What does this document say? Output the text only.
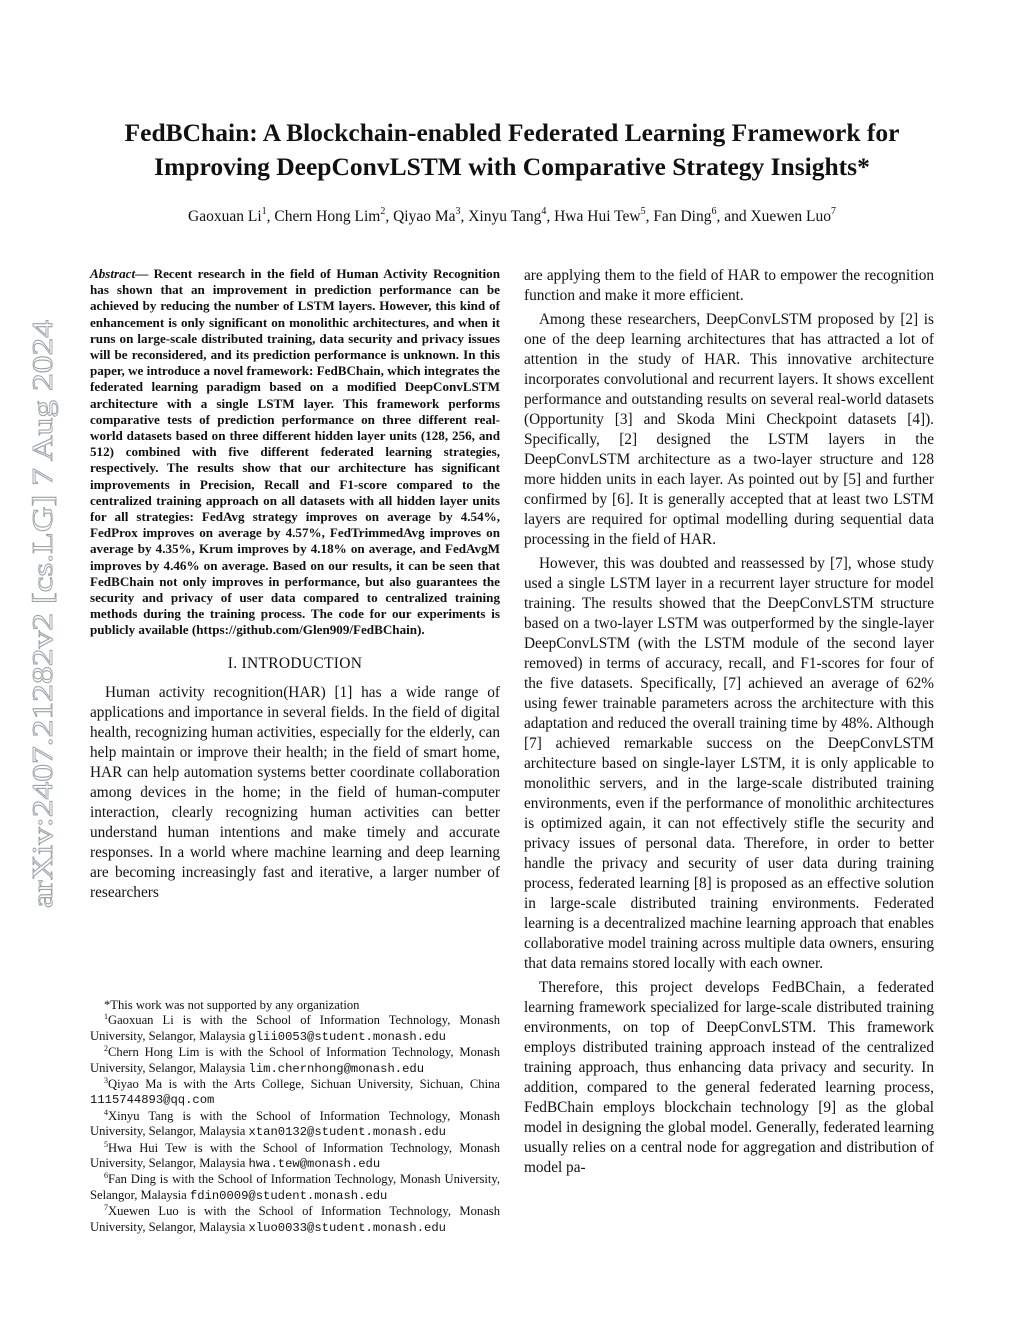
arXiv:2407.21282v2 [cs.LG] 7 Aug 2024
FedBChain: A Blockchain-enabled Federated Learning Framework for
Improving DeepConvLSTM with Comparative Strategy Insights*
Gaoxuan Li$^1$, Chern Hong Lim$^2$, Qiyao Ma$^3$, Xinyu Tang$^4$, Hwa Hui Tew$^5$, Fan Ding$^6$, and Xuewen Luo$^7$
Abstract— Recent research in the field of Human Activity Recognition has shown that an improvement in prediction performance can be achieved by reducing the number of LSTM layers. However, this kind of enhancement is only significant on monolithic architectures, and when it runs on large-scale distributed training, data security and privacy issues will be reconsidered, and its prediction performance is unknown. In this paper, we introduce a novel framework: FedBChain, which integrates the federated learning paradigm based on a modified DeepConvLSTM architecture with a single LSTM layer. This framework performs comparative tests of prediction performance on three different real-world datasets based on three different hidden layer units (128, 256, and 512) combined with five different federated learning strategies, respectively. The results show that our architecture has significant improvements in Precision, Recall and F1-score compared to the centralized training approach on all datasets with all hidden layer units for all strategies: FedAvg strategy improves on average by 4.54%, FedProx improves on average by 4.57%, FedTrimmedAvg improves on average by 4.35%, Krum improves by 4.18% on average, and FedAvgM improves by 4.46% on average. Based on our results, it can be seen that FedBChain not only improves in performance, but also guarantees the security and privacy of user data compared to centralized training methods during the training process. The code for our experiments is publicly available (https://github.com/Glen909/FedBChain).
I. INTRODUCTION

Human activity recognition(HAR) [1] has a wide range of applications and importance in several fields. In the field of digital health, recognizing human activities, especially for the elderly, can help maintain or improve their health; in the field of smart home, HAR can help automation systems better coordinate collaboration among devices in the home; in the field of human-computer interaction, clearly recognizing human activities can better understand human intentions and make timely and accurate responses. In a world where machine learning and deep learning are becoming increasingly fast and iterative, a larger number of researchers

*This work was not supported by any organization

$^1$Gaoxuan Li is with the School of Information Technology, Monash University, Selangor, Malaysia glii0053@student.monash.edu

$^2$Chern Hong Lim is with the School of Information Technology, Monash University, Selangor, Malaysia lim.chernhong@monash.edu

$^3$Qiyao Ma is with the Arts College, Sichuan University, Sichuan, China 1115744893@qq.com

$^4$Xinyu Tang is with the School of Information Technology, Monash University, Selangor, Malaysia xtan0132@student.monash.edu

$^5$Hwa Hui Tew is with the School of Information Technology, Monash University, Selangor, Malaysia hwa.tew@monash.edu

$^6$Fan Ding is with the School of Information Technology, Monash University, Selangor, Malaysia fdin0009@student.monash.edu

$^7$Xuewen Luo is with the School of Information Technology, Monash University, Selangor, Malaysia xluo0033@student.monash.edu

are applying them to the field of HAR to empower the recognition function and make it more efficient.

Among these researchers, DeepConvLSTM proposed by [2] is one of the deep learning architectures that has attracted a lot of attention in the study of HAR. This innovative architecture incorporates convolutional and recurrent layers. It shows excellent performance and outstanding results on several real-world datasets (Opportunity [3] and Skoda Mini Checkpoint datasets [4]). Specifically, [2] designed the LSTM layers in the DeepConvLSTM architecture as a two-layer structure and 128 more hidden units in each layer. As pointed out by [5] and further confirmed by [6]. It is generally accepted that at least two LSTM layers are required for optimal modelling during sequential data processing in the field of HAR.

However, this was doubted and reassessed by [7], whose study used a single LSTM layer in a recurrent layer structure for model training. The results showed that the DeepConvLSTM structure based on a two-layer LSTM was outperformed by the single-layer DeepConvLSTM (with the LSTM module of the second layer removed) in terms of accuracy, recall, and F1-scores for four of the five datasets. Specifically, [7] achieved an average of 62% using fewer trainable parameters across the architecture with this adaptation and reduced the overall training time by 48%. Although [7] achieved remarkable success on the DeepConvLSTM architecture based on single-layer LSTM, it is only applicable to monolithic servers, and in the large-scale distributed training environments, even if the performance of monolithic architectures is optimized again, it can not effectively stifle the security and privacy issues of personal data. Therefore, in order to better handle the privacy and security of user data during training process, federated learning [8] is proposed as an effective solution in large-scale distributed training environments. Federated learning is a decentralized machine learning approach that enables collaborative model training across multiple data owners, ensuring that data remains stored locally with each owner.

Therefore, this project develops FedBChain, a federated learning framework specialized for large-scale distributed training environments, on top of DeepConvLSTM. This framework employs distributed training approach instead of the centralized training approach, thus enhancing data privacy and security. In addition, compared to the general federated learning process, FedBChain employs blockchain technology [9] as the global model in designing the global model. Generally, federated learning usually relies on a central node for aggregation and distribution of model pa-
